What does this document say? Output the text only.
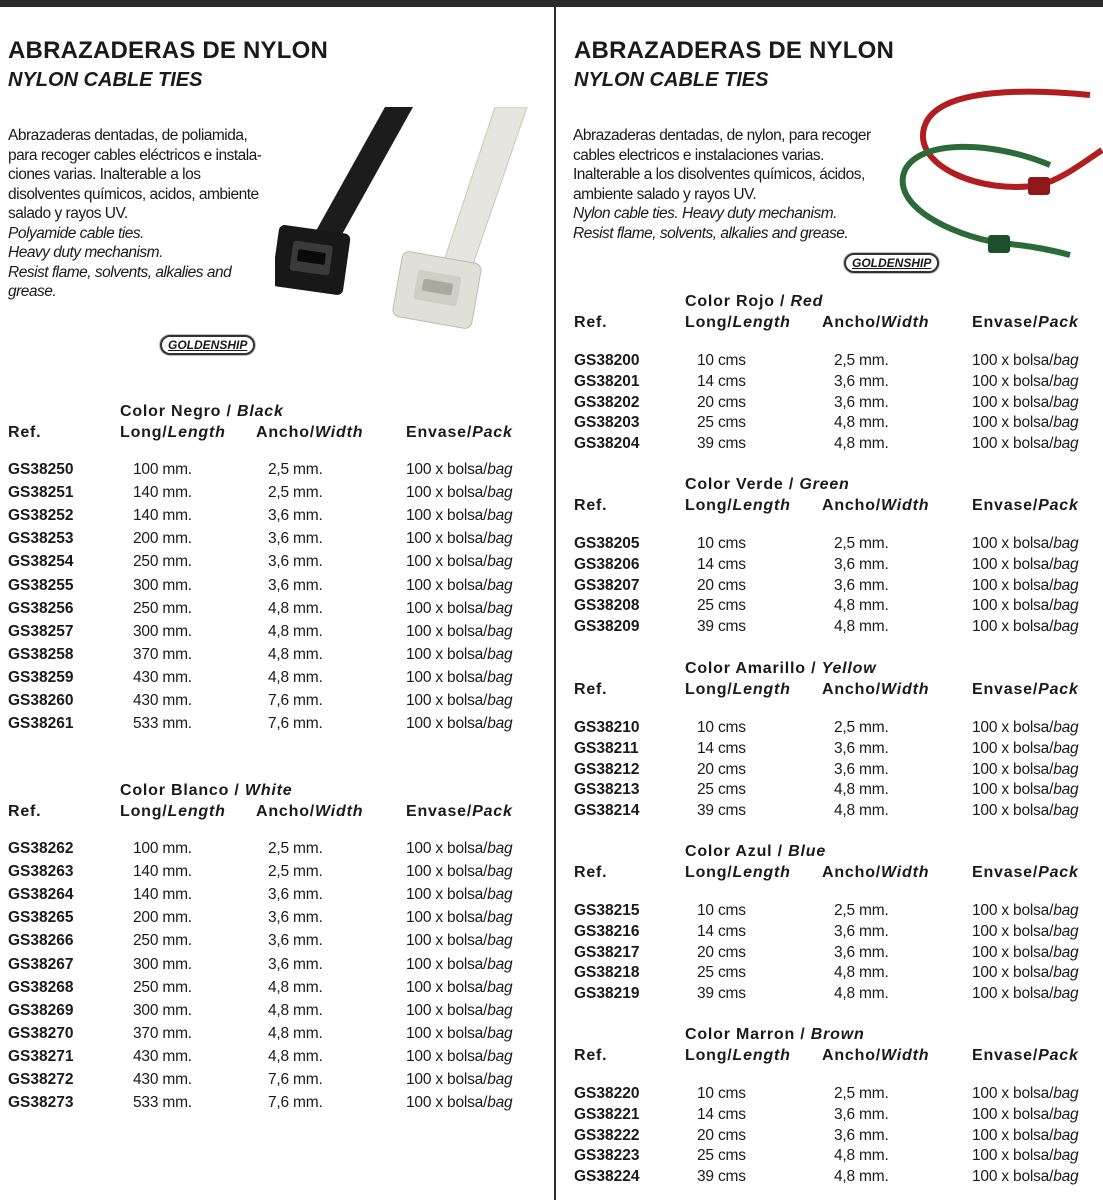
ABRAZADERAS DE NYLON
NYLON CABLE TIES
Abrazaderas dentadas, de poliamida,
para recoger cables eléctricos e instala-
ciones varias. Inalterable a los
disolventes químicos, acidos, ambiente
salado y rayos UV.
Polyamide cable ties.
Heavy duty mechanism.
Resist flame, solvents, alkalies and
grease.
GOLDENSHIP
Color Negro / Black
Ref.	Long/Length Ancho/Width	Envase/Pack
GS38250	100 mm.	2,5 mm.	100 x bolsa/bag
GS38251	140 mm.	2,5 mm.	100 x bolsa/bag
GS38252	140 mm.	3,6 mm.	100 x bolsa/bag
GS38253	200 mm.	3,6 mm.	100 x bolsa/bag
GS38254	250 mm.	3,6 mm.	100 x bolsa/bag
GS38255	300 mm.	3,6 mm.	100 x bolsa/bag
GS38256	250 mm.	4,8 mm.	100 x bolsa/bag
GS38257	300 mm.	4,8 mm.	100 x bolsa/bag
GS38258	370 mm.	4,8 mm.	100 x bolsa/bag
GS38259	430 mm.	4,8 mm.	100 x bolsa/bag
GS38260	430 mm.	7,6 mm.	100 x bolsa/bag
GS38261	533 mm.	7,6 mm.	100 x bolsa/bag
Color Blanco / White
Ref.	Long/Length Ancho/Width	Envase/Pack
GS38262	100 mm.	2,5 mm.	100 x bolsa/bag
GS38263	140 mm.	2,5 mm.	100 x bolsa/bag
GS38264	140 mm.	3,6 mm.	100 x bolsa/bag
GS38265	200 mm.	3,6 mm.	100 x bolsa/bag
GS38266	250 mm.	3,6 mm.	100 x bolsa/bag
GS38267	300 mm.	3,6 mm.	100 x bolsa/bag
GS38268	250 mm.	4,8 mm.	100 x bolsa/bag
GS38269	300 mm.	4,8 mm.	100 x bolsa/bag
GS38270	370 mm.	4,8 mm.	100 x bolsa/bag
GS38271	430 mm.	4,8 mm.	100 x bolsa/bag
GS38272	430 mm.	7,6 mm.	100 x bolsa/bag
GS38273	533 mm.	7,6 mm.	100 x bolsa/bag
ABRAZADERAS DE NYLON
NYLON CABLE TIES
Abrazaderas dentadas, de nylon, para recoger
cables electricos e instalaciones varias.
Inalterable a los disolventes químicos, ácidos,
ambiente salado y rayos UV.
Nylon cable ties. Heavy duty mechanism.
Resist flame, solvents, alkalies and grease.
GOLDENSHIP
Color Rojo / Red
Ref.	Long/Length Ancho/Width	Envase/Pack
GS38200	10 cms	2,5 mm.	100 x bolsa/bag
GS38201	14 cms	3,6 mm.	100 x bolsa/bag
GS38202	20 cms	3,6 mm.	100 x bolsa/bag
GS38203	25 cms	4,8 mm.	100 x bolsa/bag
GS38204	39 cms	4,8 mm.	100 x bolsa/bag
Color Verde / Green
Ref.	Long/Length Ancho/Width	Envase/Pack
GS38205	10 cms	2,5 mm.	100 x bolsa/bag
GS38206	14 cms	3,6 mm.	100 x bolsa/bag
GS38207	20 cms	3,6 mm.	100 x bolsa/bag
GS38208	25 cms	4,8 mm.	100 x bolsa/bag
GS38209	39 cms	4,8 mm.	100 x bolsa/bag
Color Amarillo / Yellow
Ref.	Long/Length Ancho/Width	Envase/Pack
GS38210	10 cms	2,5 mm.	100 x bolsa/bag
GS38211	14 cms	3,6 mm.	100 x bolsa/bag
GS38212	20 cms	3,6 mm.	100 x bolsa/bag
GS38213	25 cms	4,8 mm.	100 x bolsa/bag
GS38214	39 cms	4,8 mm.	100 x bolsa/bag
Color Azul / Blue
Ref.	Long/Length Ancho/Width	Envase/Pack
GS38215	10 cms	2,5 mm.	100 x bolsa/bag
GS38216	14 cms	3,6 mm.	100 x bolsa/bag
GS38217	20 cms	3,6 mm.	100 x bolsa/bag
GS38218	25 cms	4,8 mm.	100 x bolsa/bag
GS38219	39 cms	4,8 mm.	100 x bolsa/bag
Color Marron / Brown
Ref.	Long/Length Ancho/Width	Envase/Pack
GS38220	10 cms	2,5 mm.	100 x bolsa/bag
GS38221	14 cms	3,6 mm.	100 x bolsa/bag
GS38222	20 cms	3,6 mm.	100 x bolsa/bag
GS38223	25 cms	4,8 mm.	100 x bolsa/bag
GS38224	39 cms	4,8 mm.	100 x bolsa/bag
